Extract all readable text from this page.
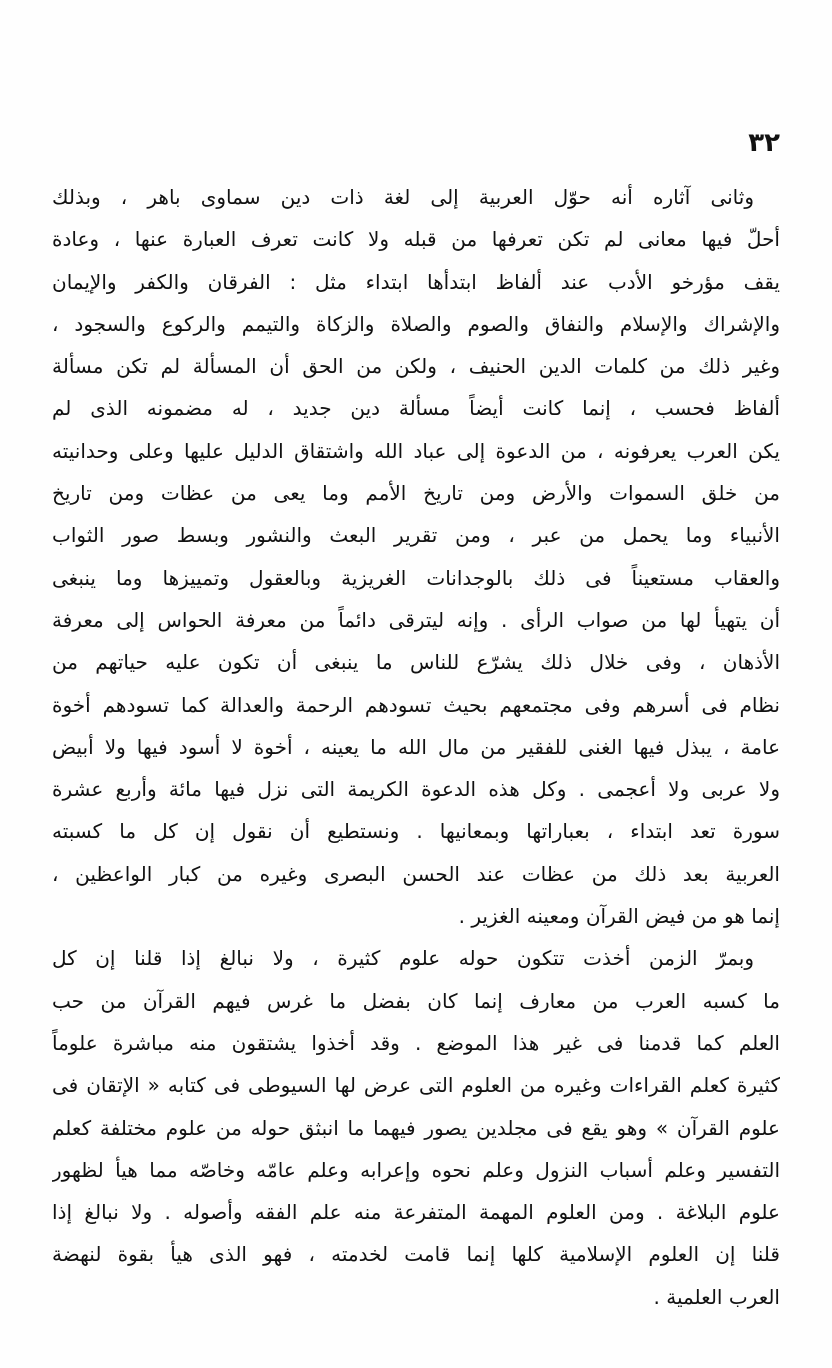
٣٢
وثانى آثاره أنه حوّل العربية إلى لغة ذات دين سماوى باهر ، وبذلك
أحلّ فيها معانى لم تكن تعرفها من قبله ولا كانت تعرف العبارة عنها ، وعادة
يقف مؤرخو الأدب عند ألفاظ ابتدأها ابتداء مثل : الفرقان والكفر والإيمان
والإشراك والإسلام والنفاق والصوم والصلاة والزكاة والتيمم والركوع والسجود ،
وغير ذلك من كلمات الدين الحنيف ، ولكن من الحق أن المسألة لم تكن مسألة
ألفاظ فحسب ، إنما كانت أيضاً مسألة دين جديد ، له مضمونه الذى لم
يكن العرب يعرفونه ، من الدعوة إلى عباد الله واشتقاق الدليل عليها وعلى وحدانيته
من خلق السموات والأرض ومن تاريخ الأمم وما يعى من عظات ومن تاريخ
الأنبياء وما يحمل من عبر ، ومن تقرير البعث والنشور وبسط صور الثواب
والعقاب مستعيناً فى ذلك بالوجدانات الغريزية وبالعقول وتمييزها وما ينبغى
أن يتهيأ لها من صواب الرأى . وإنه ليترقى دائماً من معرفة الحواس إلى معرفة
الأذهان ، وفى خلال ذلك يشرّع للناس ما ينبغى أن تكون عليه حياتهم من
نظام فى أسرهم وفى مجتمعهم بحيث تسودهم الرحمة والعدالة كما تسودهم أخوة
عامة ، يبذل فيها الغنى للفقير من مال الله ما يعينه ، أخوة لا أسود فيها ولا أبيض
ولا عربى ولا أعجمى . وكل هذه الدعوة الكريمة التى نزل فيها مائة وأربع عشرة
سورة تعد ابتداء ، بعباراتها وبمعانيها . ونستطيع أن نقول إن كل ما كسبته
العربية بعد ذلك من عظات عند الحسن البصرى وغيره من كبار الواعظين ،
إنما هو من فيض القرآن ومعينه الغزير .
وبمرّ الزمن أخذت تتكون حوله علوم كثيرة ، ولا نبالغ إذا قلنا إن كل
ما كسبه العرب من معارف إنما كان بفضل ما غرس فيهم القرآن من حب
العلم كما قدمنا فى غير هذا الموضع . وقد أخذوا يشتقون منه مباشرة علوماً
كثيرة كعلم القراءات وغيره من العلوم التى عرض لها السيوطى فى كتابه « الإتقان فى
علوم القرآن » وهو يقع فى مجلدين يصور فيهما ما انبثق حوله من علوم مختلفة كعلم
التفسير وعلم أسباب النزول وعلم نحوه وإعرابه وعلم عامّه وخاصّه مما هيأ لظهور
علوم البلاغة . ومن العلوم المهمة المتفرعة منه علم الفقه وأصوله . ولا نبالغ إذا
قلنا إن العلوم الإسلامية كلها إنما قامت لخدمته ، فهو الذى هيأ بقوة لنهضة
العرب العلمية .
